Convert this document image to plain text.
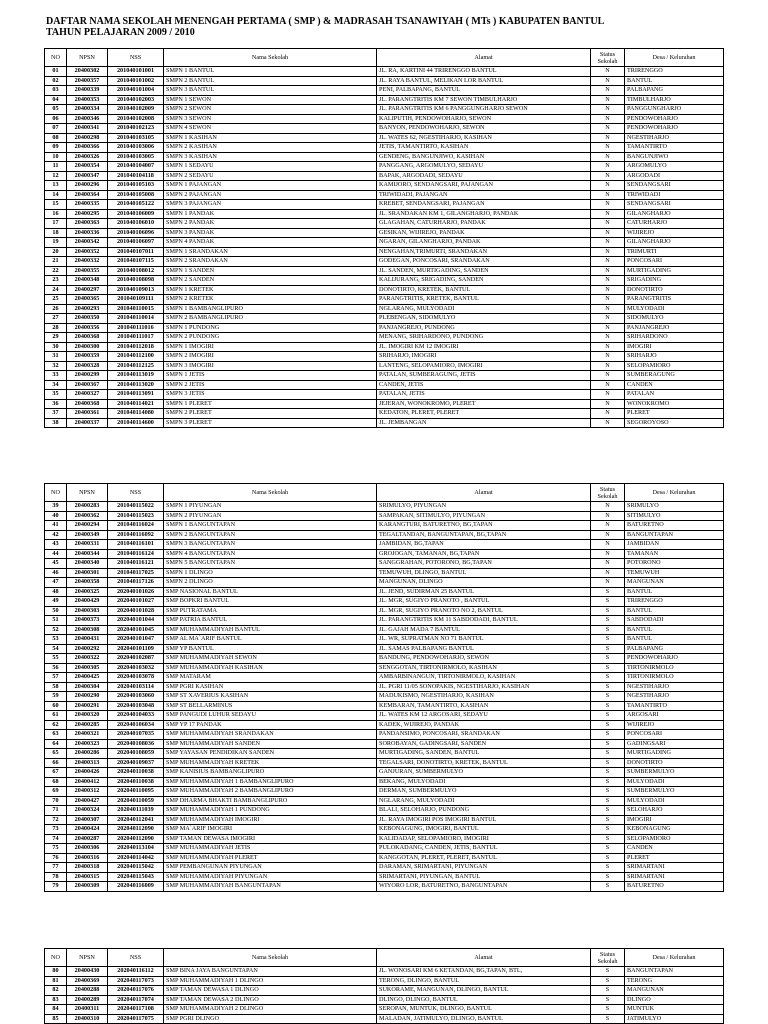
DAFTAR NAMA SEKOLAH MENENGAH PERTAMA ( SMP ) & MADRASAH TSANAWIYAH ( MTs ) KABUPATEN BANTUL
TAHUN PELAJARAN 2009 / 2010
NO	NPSN	NSS	Nama Sekolah	Alamat	Status
Sekolah	Desa / Kelurahan
01	20400302	201040101001	SMPN 1 BANTUL	JL. RA, KARTINI 44 TRIRENGGO BANTUL	N	TRIRENGGO
02	20400357	201040101002	SMPN 2 BANTUL	JL. RAYA BANTUL, MELIKAN LOR BANTUL	N	BANTUL
03	20400339	201040101004	SMPN 3 BANTUL	PENI, PALBAPANG, BANTUL	N	PALBAPANG
04	20400353	201040102003	SMPN 1 SEWON	JL. PARANGTRITIS KM 7 SEWON TIMBULHARJO	N	TIMBULHARJO
05	20400334	201040102009	SMPN 2 SEWON	JL. PARANGTRITIS KM 6 PANGGUNGHARJO SEWON	N	PANGGUNGHARJO
06	20400346	201040102008	SMPN 3 SEWON	KALIPUTIH, PENDOWOHARJO, SEWON	N	PENDOWOHARJO
07	20400341	201040102123	SMPN 4 SEWON	BANYON, PENDOWOHARJO, SEWON	N	PENDOWOHARJO
08	20400298	201040103105	SMPN 1 KASIHAN	JL. WATES 62, NGESTIHARJO, KASIHAN	N	NGESTIHARJO
09	20400366	201040103006	SMPN 2 KASIHAN	JETIS, TAMANTIRTO, KASIHAN	N	TAMANTIRTO
10	20400326	201040103005	SMPN 3 KASIHAN	GENDENG, BANGUNJIWO, KASIHAN	N	BANGUNJIWO
11	20400354	201040104007	SMPN 1 SEDAYU	PANGGANG, ARGOMULYO, SEDAYU	N	ARGOMULYO
12	20400347	201040104118	SMPN 2 SEDAYU	BAPAK, ARGODADI, SEDAYU	N	ARGODADI
13	20400296	201040105103	SMPN 1 PAJANGAN	KAMIJORO, SENDANGSARI, PAJANGAN	N	SENDANGSARI
14	20400364	201040105008	SMPN 2 PAJANGAN	TRIWIDADI, PAJANGAN	N	TRIWIDADI
15	20400335	201040105122	SMPN 3 PAJANGAN	KREBET, SENDANGSARI, PAJANGAN	N	SENDANGSARI
16	20400295	201040106009	SMPN 1 PANDAK	JL. SRANDAKAN KM 1, GILANGHARJO, PANDAK	N	GILANGHARJO
17	20400363	201040106010	SMPN 2 PANDAK	GLAGAHAN, CATURHARJO, PANDAK	N	CATURHARJO
18	20400336	201040106096	SMPN 3 PANDAK	GESIKAN, WIJIREJO, PANDAK	N	WIJIREJO
19	20400342	201040106097	SMPN 4 PANDAK	NGARAN, GILANGHARJO, PANDAK	N	GILANGHARJO
20	20400352	201040107011	SMPN 1 SRANDAKAN	NENGAHAN,TRIMURTI, SRANDAKAN	N	TRIMURTI
21	20400332	201040107115	SMPN 2 SRANDAKAN	GODEGAN, PONCOSARI, SRANDAKAN	N	PONCOSARI
22	20400355	201040108012	SMPN 1 SANDEN	JL. SANDEN, MURTIGADING, SANDEN	N	MURTIGADING
23	20400348	201040108098	SMPN 2 SANDEN	KALIJURANG, SRIGADING, SANDEN	N	SRIGADING
24	20400297	201040109013	SMPN 1 KRETEK	DONOTIRTO, KRETEK, BANTUL	N	DONOTIRTO
25	20400365	201040109111	SMPN 2 KRETEK	PARANGTRITIS, KRETEK, BANTUL	N	PARANGTRITIS
26	20400293	201040110015	SMPN 1 BAMBANGLIPURO	NGLARANG, MULYODADI	N	MULYODADI
27	20400350	201040110014	SMPN 2 BAMBANGLIPURO	PLEBENGAN, SIDOMULYO	N	SIDOMULYO
28	20400356	201040111016	SMPN 1 PUNDONG	PANJANGREJO, PUNDONG	N	PANJANGREJO
29	20400368	201040111017	SMPN 2 PUNDONG	MENANG, SRIHARDONO, PUNDONG	N	SRIHARDONO
30	20400300	201040112018	SMPN 1 IMOGIRI	JL. IMOGIRI KM 12 IMOGIRI	N	IMOGIRI
31	20400359	201040112100	SMPN 2 IMOGIRI	SRIHARJO, IMOGIRI	N	SRIHARJO
32	20400328	201040112125	SMPN 3 IMOGIRI	LANTENG, SELOPAMIORO, IMOGIRI	N	SELOPAMIORO
33	20400299	201040113019	SMPN 1 JETIS	PATALAN, SUMBERAGUNG, JETIS	N	SUMBERAGUNG
34	20400367	201040113020	SMPN 2 JETIS	CANDEN, JETIS	N	CANDEN
35	20400327	201040113091	SMPN 3 JETIS	PATALAN, JETIS	N	PATALAN
36	20400368	201040114021	SMPN 1 PLERET	JEJERAN, WONOKROMO, PLERET	N	WONOKROMO
37	20400361	201040114080	SMPN 2 PLERET	KEDATON, PLERET, PLERET	N	PLERET
38	20400337	201040114600	SMPN 3 PLERET	JL. JEMBANGAN	N	SEGOROYOSO
NO	NPSN	NSS	Nama Sekolah	Alamat	Status
Sekolah	Desa / Kelurahan
39	20400283	201040115022	SMPN 1 PIYUNGAN	SRIMULYO, PIYUNGAN	N	SRIMULYO
40	20400362	201040115023	SMPN 2 PIYUNGAN	SAMPAKAN, SITIMULYO, PIYUNGAN	N	SITIMULYO
41	20400294	201040116024	SMPN 1 BANGUNTAPAN	KARANGTURI, BATURETNO, BG,TAPAN	N	BATURETNO
42	20400349	201040116092	SMPN 2 BANGUNTAPAN	TEGALTANDAN, BANGUNTAPAN, BG,TAPAN	N	BANGUNTAPAN
43	20400331	201040116101	SMPN 3 BANGUNTAPAN	JAMBIDAN, BG,TAPAN	N	JAMBIDAN
44	20400344	201040116124	SMPN 4 BANGUNTAPAN	GROJOGAN, TAMANAN, BG,TAPAN	N	TAMANAN
45	20400340	201040116121	SMPN 5 BANGUNTAPAN	SANGGRAHAN, POTORONO, BG,TAPAN	N	POTORONO
46	20400301	201040117025	SMPN 1 DLINGO	TEMUWUH, DLINGO, BANTUL	N	TEMUWUH
47	20400358	201040117126	SMPN 2 DLINGO	MANGUNAN, DLINGO	N	MANGUNAN
48	20400325	202040101026	SMP NASIONAL BANTUL	JL. JEND, SUDIRMAN 25 BANTUL	S	BANTUL
49	20400429	202040101027	SMP BOPKRI BANTUL	JL. MGR, SUGIYO PRANOTO , BANTUL	S	TRIRENGGO
50	20400303	202040101028	SMP PUTRATAMA	JL. MGR, SUGIYO PRANOTO NO 2, BANTUL	S	BANTUL
51	20400373	202040101044	SMP PATRIA BANTUL	JL. PARANGTRITIS KM 11 SABDODADI, BANTUL	S	SABDODADI
52	20400308	202040101045	SMP MUHAMMADIYAH BANTUL	JL. GAJAH MADA 7 BANTUL	S	BANTUL
53	20400431	202040101047	SMP AL MA`ARIF BANTUL	JL. WR, SUPRATMAN NO 71 BANTUL	S	BANTUL
54	20400292	202040101109	SMP YP BANTUL	JL. SAMAS PALBAPANG BANTUL	S	PALBAPANG
55	20400322	202040102087	SMP MUHAMMADIYAH SEWON	BANDUNG, PENDOWOHARJO, SEWON	S	PENDOWOHARJO
56	20400305	202040103032	SMP MUHAMMADIYAH KASIHAN	SENGGOTAN, TIRTONIRMOLO, KASIHAN	S	TIRTONIRMOLO
57	20400425	202040103078	SMP MATARAM	AMBARBINANGUN, TIRTONIRMOLO, KASIHAN	S	TIRTONIRMOLO
58	20400304	202040103114	SMP PGRI KASIHAN	JL. PGRI 11/05 SONOPAKIS, NGESTIHARJO, KASIHAN	S	NGESTIHARJO
59	20400290	202040103060	SMP ST XAVERIUS KASIHAN	MADUKISMO, NGESTIHARJO, KASIHAN	S	NGESTIHARJO
60	20400291	202040103048	SMP ST BELLARMINUS	KEMBARAN, TAMANTIRTO, KASIHAN	S	TAMANTIRTO
61	20400320	202040104033	SMP PANGUDI LUHUR SEDAYU	JL. WATES KM 12 ARGOSARI, SEDAYU	S	ARGOSARI
62	20400285	202040106034	SMP YP 17 PANDAK	KADEK, WIJIREJO, PANDAK	S	WIJIREJO
63	20400321	202040107035	SMP MUHAMMADIYAH SRANDAKAN	PANDANSIMO, PONCOSARI, SRANDAKAN	S	PONCOSARI
64	20400323	202040108036	SMP MUHAMMADIYAH SANDEN	SOROBAYAN, GADINGSARI, SANDEN	S	GADINGSARI
65	20400286	202040108059	SMP YAYASAN PENDIDIKAN SANDEN	MURTIGADING, SANDEN, BANTUL	S	MURTIGADING
66	20400313	202040109037	SMP MUHAMMADIYAH KRETEK	TEGALSARI, DONOTIRTO, KRETEK, BANTUL	S	DONOTIRTO
67	20400426	202040110038	SMP KANISIUS BAMBANGLIPURO	GANJURAN, SUMBERMULYO	S	SUMBERMULYO
68	20400412	202040110038	SMP MUHAMMADIYAH 1 BAMBANGLIPURO	BEKANG, MULYODADI	S	MULYODADI
69	20400312	202040110095	SMP MUHAMMADIYAH 2 BAMBANGLIPURO	DERMAN, SUMBERMULYO	S	SUMBERMULYO
70	20400427	202040110059	SMP DHARMA BHAKTI BAMBANGLIPURO	NGLARANG, MULYODADI	S	MULYODADI
71	20400324	202040111039	SMP MUHAMMADIYAH 1 PUNDONG	BLALI, SELOHARJO, PUNDONG	S	SELOHARJO
72	20400307	202040112041	SMP MUHAMMADIYAH IMOGIRI	JL. RAYA IMOGIRI POS IMOGIRI BANTUL	S	IMOGIRI
73	20400424	202040112090	SMP MA`ARIF IMOGIRI	KEBONAGUNG, IMOGIRI, BANTUL	S	KEBONAGUNG
74	20400287	202040112090	SMP TAMAN DEWASA IMOGIRI	KALIDADAP, SELOPAMIORO, IMOGIRI	S	SELOPAMIORO
75	20400306	202040113104	SMP MUHAMMADIYAH JETIS	PULOKADANG, CANDEN, JETIS, BANTUL	S	CANDEN
76	20400316	202040114042	SMP MUHAMMADIYAH PLERET	KANGGOTAN, PLERET, PLERET, BANTUL	S	PLERET
77	20400318	202040115042	SMP PEMBANGUNAN PIYUNGAN	DARAMAN, SRIMARTANI, PIYUNGAN	S	SRIMARTANI
78	20400315	202040115043	SMP MUHAMMADIYAH PIYUNGAN	SRIMARTANI, PIYUNGAN, BANTUL	S	SRIMARTANI
79	20400309	202040116009	SMP MUHAMMADIYAH BANGUNTAPAN	WIYORO LOR, BATURETNO, BANGUNTAPAN	S	BATURETNO
NO	NPSN	NSS	Nama Sekolah	Alamat	Status
Sekolah	Desa / Kelurahan
80	20400430	202040116112	SMP BINA JAYA BANGUNTAPAN	JL. WONOSARI KM 6 KETANDAN, BG,TAPAN, BTL,	S	BANGUNTAPAN
81	20400369	202040117073	SMP MUHAMMADIYAH 1 DLINGO	TERONG, DLINGO, BANTUL	S	TERONG
82	20400288	202040117076	SMP TAMAN DEWASA 1 DLINGO	SUKORAME, MANGUNAN, DLINGO, BANTUL	S	MANGUNAN
83	20400289	202040117074	SMP TAMAN DEWASA 2 DLINGO	DLINGO, DLINGO, BANTUL	S	DLINGO
84	20400311	202040117108	SMP MUHAMMADIYAH 2 DLINGO	SEROPAN, MUNTUK, DLINGO, BANTUL	S	MUNTUK
85	20400310	202040117075	SMP PGRI DLINGO	MALADAN, JATIMULYO, DLINGO, BANTUL	S	JATIMULYO
